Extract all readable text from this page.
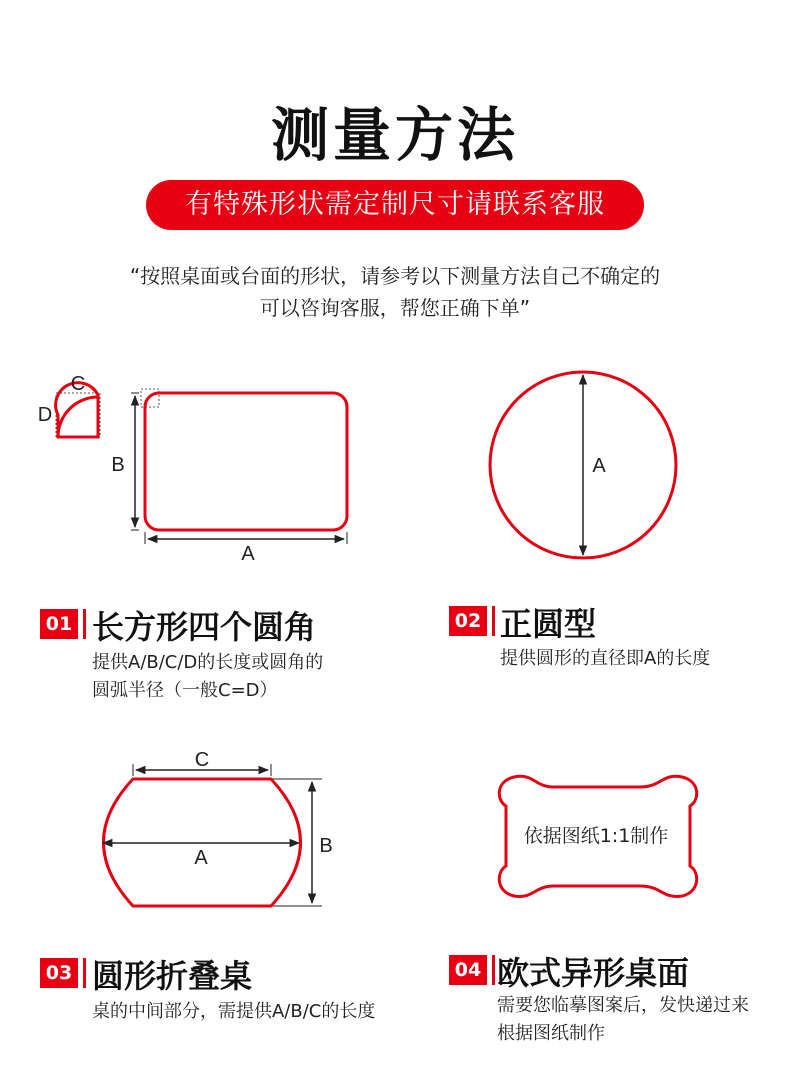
测量方法
有特殊形状需定制尺寸请联系客服
“按照桌面或台面的形状，请参考以下测量方法自己不确定的
可以咨询客服，帮您正确下单”
C
D
B
A
A
C
A
B	依据图纸1:1制作
01 长方形四个圆角
提供A/B/C/D的长度或圆角的
圆弧半径（一般C=D）
02 正圆型
提供圆形的直径即A的长度
03 圆形折叠桌
桌的中间部分，需提供A/B/C的长度
04 欧式异形桌面
需要您临摹图案后，发快递过来
根据图纸制作
